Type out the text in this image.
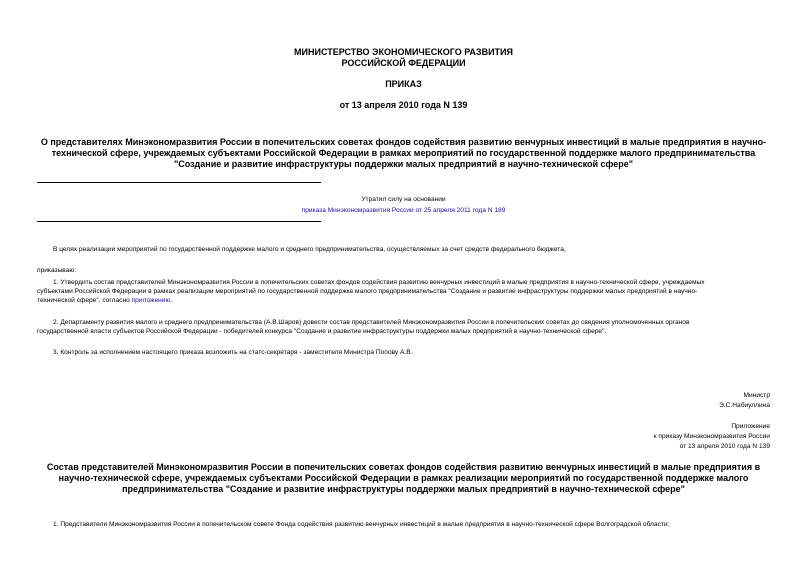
МИНИСТЕРСТВО ЭКОНОМИЧЕСКОГО РАЗВИТИЯ
РОССИЙСКОЙ ФЕДЕРАЦИИ
ПРИКАЗ
от 13 апреля 2010 года N 139
О представителях Минэкономразвития России в попечительских советах фондов содействия развитию венчурных инвестиций в малые предприятия в научно-
технической сфере, учреждаемых субъектами Российской Федерации в рамках мероприятий по государственной поддержке малого предпринимательства
"Создание и развитие инфраструктуры поддержки малых предприятий в научно-технической сфере"
Утратил силу на основании
приказа Минэкономразвития России от 25 апреля 2011 года N 189
В целях реализации мероприятий по государственной поддержке малого и среднего предпринимательства, осуществляемых за счет средств федерального бюджета,
приказываю:
1. Утвердить состав представителей Минэкономразвития России в попечительских советах фондов содействия развитию венчурных инвестиций в малые предприятия в научно-технической сфере, учреждаемых
субъектами Российской Федерации в рамках реализации мероприятий по государственной поддержке малого предпринимательства "Создание и развитие инфраструктуры поддержки малых предприятий в научно-
технической сфере", согласно приложению.
2. Департаменту развития малого и среднего предпринимательства (А.В.Шаров) довести состав представителей Минэкономразвития России в попечительских советах до сведения уполномоченных органов
государственной власти субъектов Российской Федерации - победителей конкурса "Создание и развитие инфраструктуры поддержки малых предприятий в научно-технической сфере".
3. Контроль за исполнением настоящего приказа возложить на статс-секретаря - заместителя Министра Попову А.В.
Министр
Э.С.Набиуллина
Приложение
к приказу Минэкономразвития России
от 13 апреля 2010 года N 139
Состав представителей Минэкономразвития России в попечительских советах фондов содействия развитию венчурных инвестиций в малые предприятия в
научно-технической сфере, учреждаемых субъектами Российской Федерации в рамках реализации мероприятий по государственной поддержке малого
предпринимательства "Создание и развитие инфраструктуры поддержки малых предприятий в научно-технической сфере"
1. Представители Минэкономразвития России в попечительском совете Фонда содействия развитию венчурных инвестиций в малые предприятия в научно-технической сфере Волгоградской области:
